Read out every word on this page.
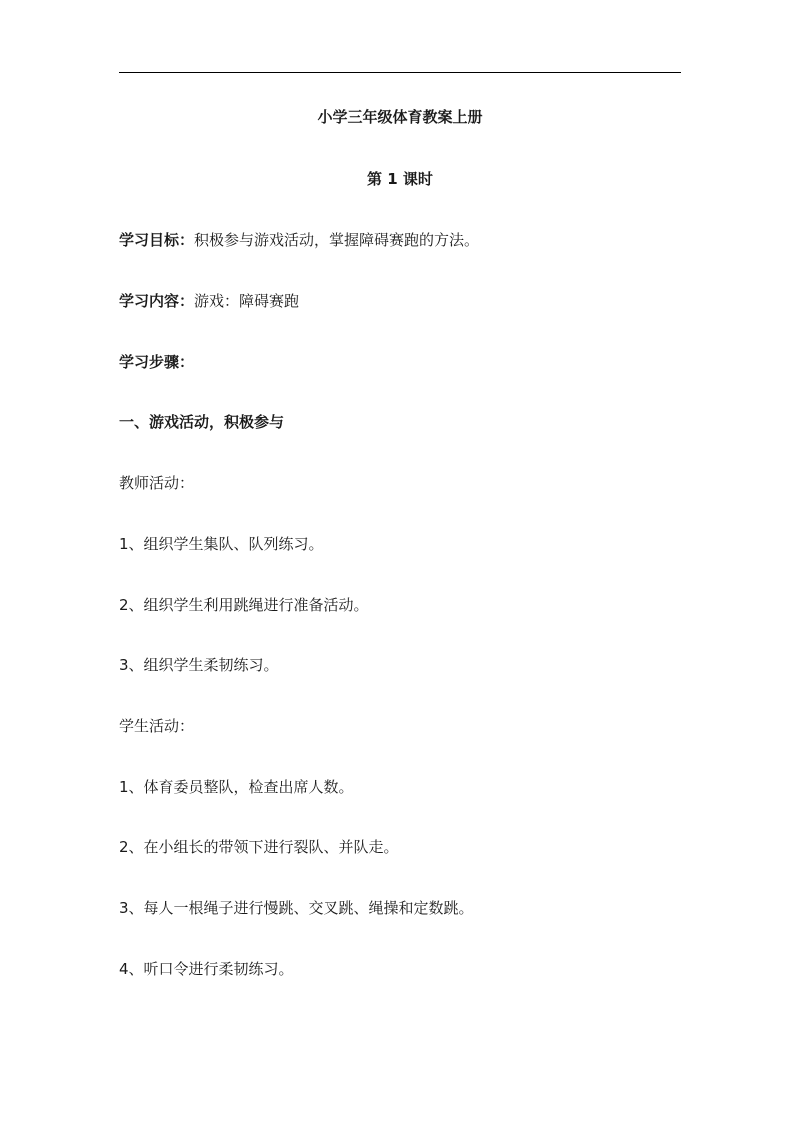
小学三年级体育教案上册
第 1 课时
学习目标：积极参与游戏活动，掌握障碍赛跑的方法。
学习内容：游戏：障碍赛跑
学习步骤：
一、游戏活动，积极参与
教师活动：
1、组织学生集队、队列练习。
2、组织学生利用跳绳进行准备活动。
3、组织学生柔韧练习。
学生活动：
1、体育委员整队，检查出席人数。
2、在小组长的带领下进行裂队、并队走。
3、每人一根绳子进行慢跳、交叉跳、绳操和定数跳。
4、听口令进行柔韧练习。
